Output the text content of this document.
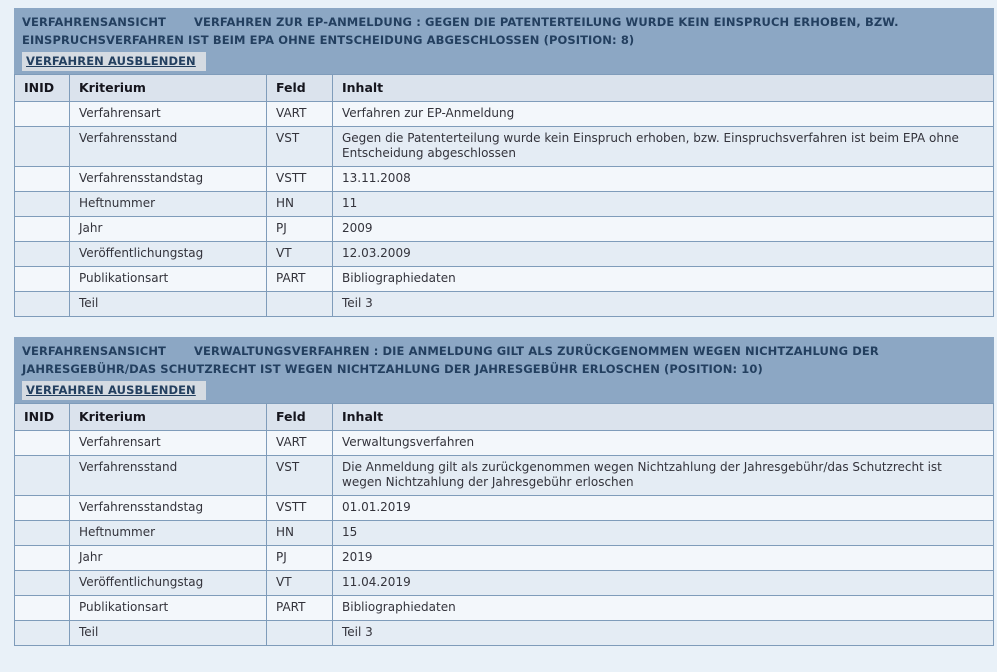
VERFAHRENSANSICHT VERFAHREN ZUR EP-ANMELDUNG : GEGEN DIE PATENTERTEILUNG WURDE KEIN EINSPRUCH ERHOBEN, BZW. EINSPRUCHSVERFAHREN IST BEIM EPA OHNE ENTSCHEIDUNG ABGESCHLOSSEN (POSITION: 8)
VERFAHREN AUSBLENDEN
INID	Kriterium	Feld	Inhalt
	Verfahrensart	VART	Verfahren zur EP-Anmeldung
	Verfahrensstand	VST	Gegen die Patenterteilung wurde kein Einspruch erhoben, bzw. Einspruchsverfahren ist beim EPA ohne Entscheidung abgeschlossen
	Verfahrensstandstag	VSTT	13.11.2008
	Heftnummer	HN	11
	Jahr	PJ	2009
	Veröffentlichungstag	VT	12.03.2009
	Publikationsart	PART	Bibliographiedaten
	Teil		Teil 3
VERFAHRENSANSICHT VERWALTUNGSVERFAHREN : DIE ANMELDUNG GILT ALS ZURÜCKGENOMMEN WEGEN NICHTZAHLUNG DER JAHRESGEBÜHR/DAS SCHUTZRECHT IST WEGEN NICHTZAHLUNG DER JAHRESGEBÜHR ERLOSCHEN (POSITION: 10)
VERFAHREN AUSBLENDEN
INID	Kriterium	Feld	Inhalt
	Verfahrensart	VART	Verwaltungsverfahren
	Verfahrensstand	VST	Die Anmeldung gilt als zurückgenommen wegen Nichtzahlung der Jahresgebühr/das Schutzrecht ist wegen Nichtzahlung der Jahresgebühr erloschen
	Verfahrensstandstag	VSTT	01.01.2019
	Heftnummer	HN	15
	Jahr	PJ	2019
	Veröffentlichungstag	VT	11.04.2019
	Publikationsart	PART	Bibliographiedaten
	Teil		Teil 3
